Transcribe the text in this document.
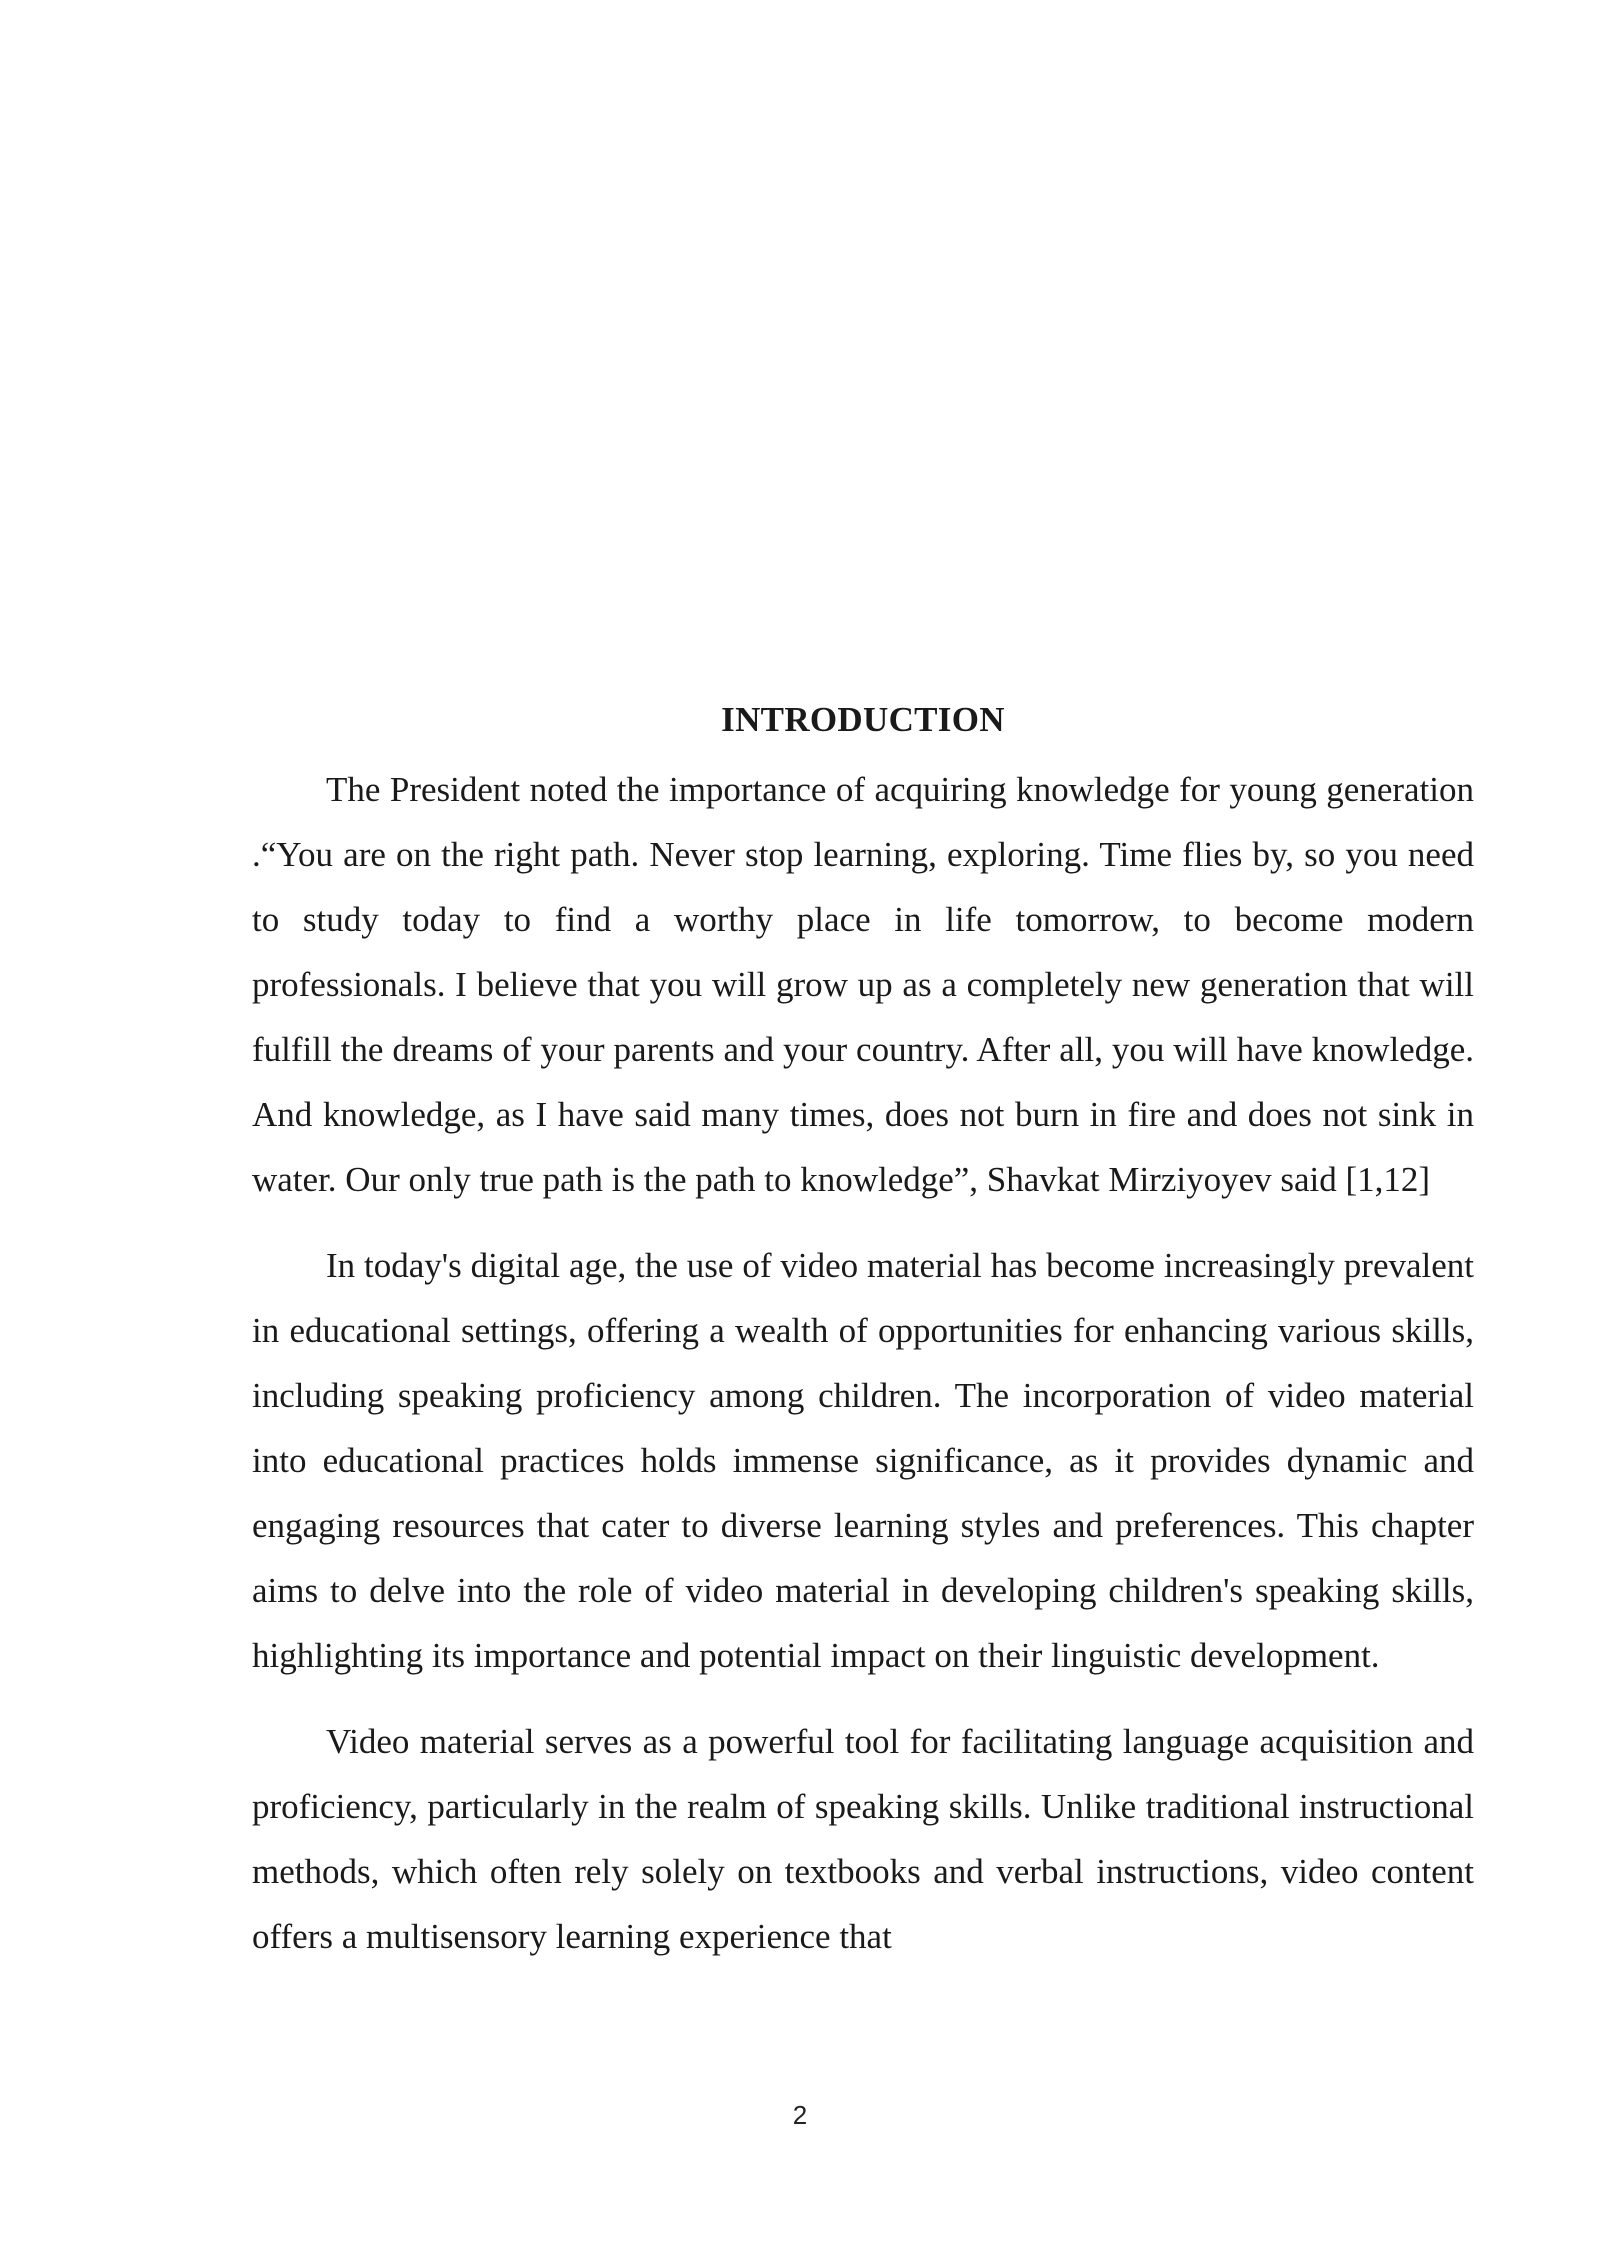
INTRODUCTION

The President noted the importance of acquiring knowledge for young generation .“You are on the right path. Never stop learning, exploring. Time flies by, so you need to study today to find a worthy place in life tomorrow, to become modern professionals. I believe that you will grow up as a completely new generation that will fulfill the dreams of your parents and your country. After all, you will have knowledge. And knowledge, as I have said many times, does not burn in fire and does not sink in water. Our only true path is the path to knowledge”, Shavkat Mirziyoyev said [1,12]

In today's digital age, the use of video material has become increasingly prevalent in educational settings, offering a wealth of opportunities for enhancing various skills, including speaking proficiency among children. The incorporation of video material into educational practices holds immense significance, as it provides dynamic and engaging resources that cater to diverse learning styles and preferences. This chapter aims to delve into the role of video material in developing children's speaking skills, highlighting its importance and potential impact on their linguistic development.

Video material serves as a powerful tool for facilitating language acquisition and proficiency, particularly in the realm of speaking skills. Unlike traditional instructional methods, which often rely solely on textbooks and verbal instructions, video content offers a multisensory learning experience that

2
